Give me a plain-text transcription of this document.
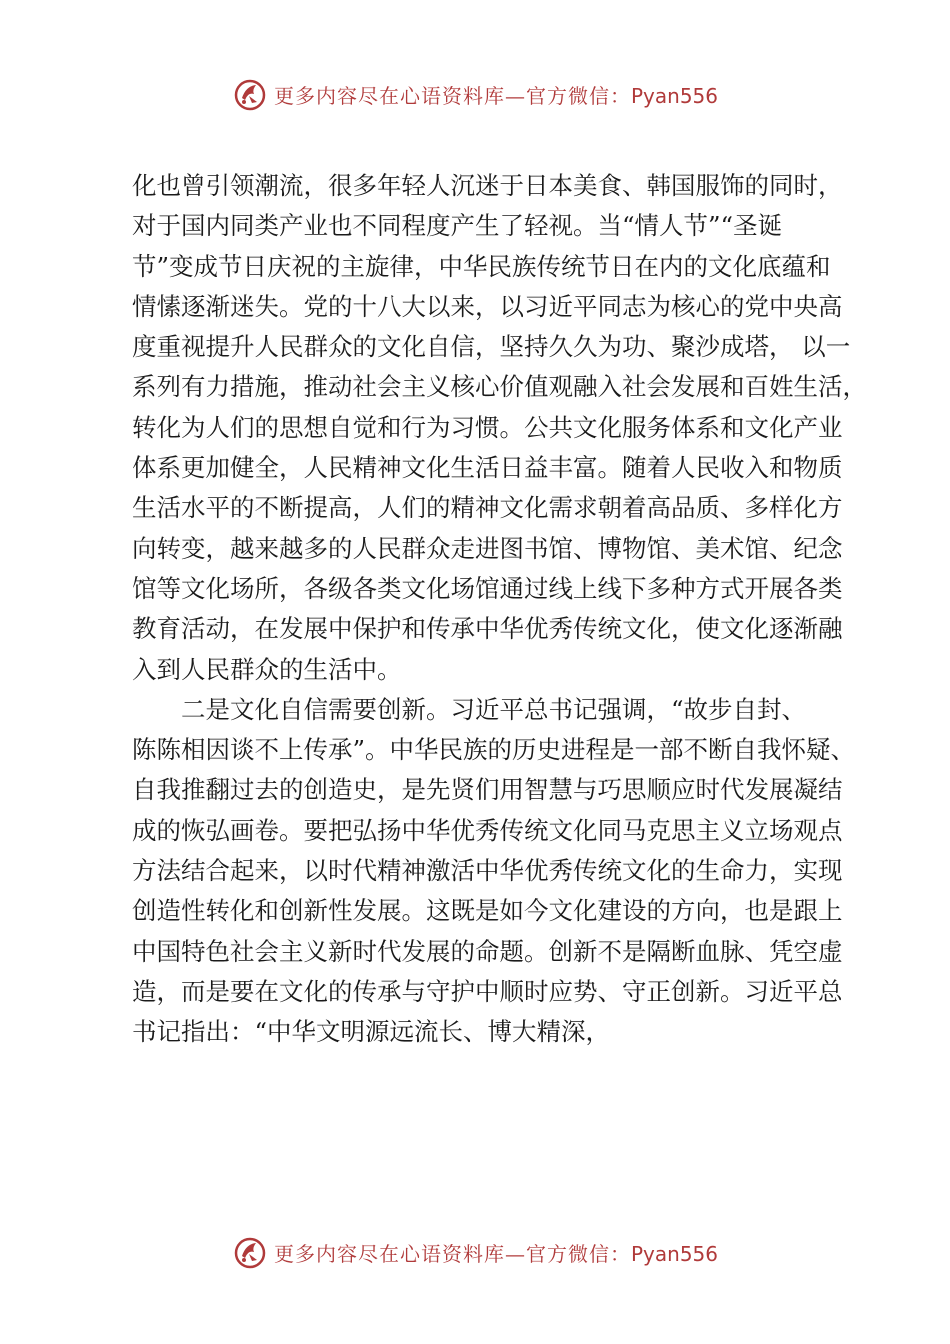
更多内容尽在心语资料库—官方微信：Pyan556
化也曾引领潮流，很多年轻人沉迷于日本美食、韩国服饰的同时，
对于国内同类产业也不同程度产生了轻视。当“情人节”“圣诞
节”变成节日庆祝的主旋律，中华民族传统节日在内的文化底蕴和
情愫逐渐迷失。党的十八大以来，以习近平同志为核心的党中央高
度重视提升人民群众的文化自信，坚持久久为功、聚沙成塔， 以一
系列有力措施，推动社会主义核心价值观融入社会发展和百姓生活，
转化为人们的思想自觉和行为习惯。公共文化服务体系和文化产业
体系更加健全，人民精神文化生活日益丰富。随着人民收入和物质
生活水平的不断提高，人们的精神文化需求朝着高品质、多样化方
向转变，越来越多的人民群众走进图书馆、博物馆、美术馆、纪念
馆等文化场所，各级各类文化场馆通过线上线下多种方式开展各类
教育活动，在发展中保护和传承中华优秀传统文化，使文化逐渐融
入到人民群众的生活中。
二是文化自信需要创新。习近平总书记强调，“故步自封、
陈陈相因谈不上传承”。中华民族的历史进程是一部不断自我怀疑、
自我推翻过去的创造史，是先贤们用智慧与巧思顺应时代发展凝结
成的恢弘画卷。要把弘扬中华优秀传统文化同马克思主义立场观点
方法结合起来，以时代精神激活中华优秀传统文化的生命力，实现
创造性转化和创新性发展。这既是如今文化建设的方向，也是跟上
中国特色社会主义新时代发展的命题。创新不是隔断血脉、凭空虚
造，而是要在文化的传承与守护中顺时应势、守正创新。习近平总
书记指出：“中华文明源远流长、博大精深，
更多内容尽在心语资料库—官方微信：Pyan556
